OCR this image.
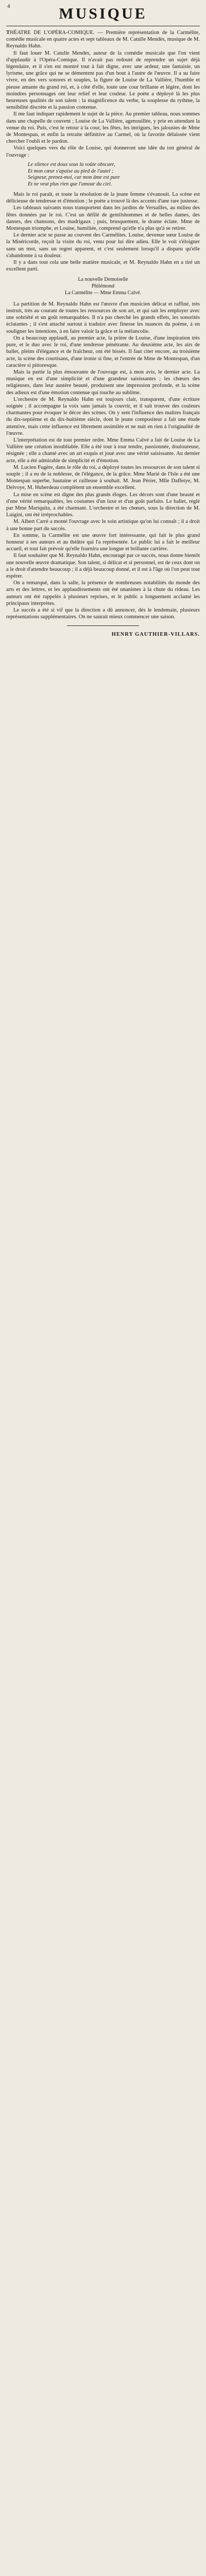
4	MUSIQUE

THÉATRE DE L'OPÉRA-COMIQUE. — Première représentation de la Carmélite, comédie musicale en quatre actes et sept tableaux de M. Catulle Mendès, musique de M. Reynaldo Hahn.

Il faut louer M. Catulle Mendès, auteur de la comédie musicale que l'on vient d'applaudir à l'Opéra-Comique. Il n'avait pas redouté de reprendre un sujet déjà légendaire, et il s'en est montré tout à fait digne, avec une ardeur, une fantaisie, un lyrisme, une grâce qui ne se démentent pas d'un bout à l'autre de l'œuvre. Il a su faire vivre, en des vers sonores et souples, la figure de Louise de La Vallière, l'humble et pieuse amante du grand roi, et, à côté d'elle, toute une cour brillante et légère, dont les moindres personnages ont leur relief et leur couleur. Le poète a déployé là les plus heureuses qualités de son talent : la magnificence du verbe, la souplesse du rythme, la sensibilité discrète et la passion contenue.

Il me faut indiquer rapidement le sujet de la pièce. Au premier tableau, nous sommes dans une chapelle de couvent ; Louise de La Vallière, agenouillée, y prie en attendant la venue du roi. Puis, c'est le retour à la cour, les fêtes, les intrigues, les jalousies de Mme de Montespan, et enfin la retraite définitive au Carmel, où la favorite délaissée vient chercher l'oubli et le pardon.

Voici quelques vers du rôle de Louise, qui donneront une idée du ton général de l'ouvrage :

Le silence est doux sous la voûte obscure,
Et mon cœur s'apaise au pied de l'autel ;
Seigneur, prenez-moi, car mon âme est pure
Et ne veut plus rien que l'amour du ciel.

Mais le roi paraît, et toute la résolution de la jeune femme s'évanouit. La scène est délicieuse de tendresse et d'émotion ; le poète a trouvé là des accents d'une rare justesse.

Les tableaux suivants nous transportent dans les jardins de Versailles, au milieu des fêtes données par le roi. C'est un défilé de gentilshommes et de belles dames, des danses, des chansons, des madrigaux ; puis, brusquement, le drame éclate. Mme de Montespan triomphe, et Louise, humiliée, comprend qu'elle n'a plus qu'à se retirer.

Le dernier acte se passe au couvent des Carmélites. Louise, devenue sœur Louise de la Miséricorde, reçoit la visite du roi, venu pour lui dire adieu. Elle le voit s'éloigner sans un mot, sans un regret apparent, et c'est seulement lorsqu'il a disparu qu'elle s'abandonne à sa douleur.

Il y a dans tout cela une belle matière musicale, et M. Reynaldo Hahn en a tiré un excellent parti.

La nouvelle Demoiselle
Philémond
La Carmélite — Mme Emma Calvé.

La partition de M. Reynaldo Hahn est l'œuvre d'un musicien délicat et raffiné, très instruit, très au courant de toutes les ressources de son art, et qui sait les employer avec une sobriété et un goût remarquables. Il n'a pas cherché les grands effets, les sonorités éclatantes ; il s'est attaché surtout à traduire avec finesse les nuances du poème, à en souligner les intentions, à en faire valoir la grâce et la mélancolie.

On a beaucoup applaudi, au premier acte, la prière de Louise, d'une inspiration très pure, et le duo avec le roi, d'une tendresse pénétrante. Au deuxième acte, les airs de ballet, pleins d'élégance et de fraîcheur, ont été bissés. Il faut citer encore, au troisième acte, la scène des courtisans, d'une ironie si fine, et l'entrée de Mme de Montespan, d'un caractère si pittoresque.

Mais la partie la plus émouvante de l'ouvrage est, à mon avis, le dernier acte. La musique en est d'une simplicité et d'une grandeur saisissantes ; les chœurs des religieuses, dans leur austère beauté, produisent une impression profonde, et la scène des adieux est d'une émotion contenue qui touche au sublime.

L'orchestre de M. Reynaldo Hahn est toujours clair, transparent, d'une écriture soignée ; il accompagne la voix sans jamais la couvrir, et il sait trouver des couleurs charmantes pour évoquer le décor des scènes. On y sent l'influence des maîtres français du dix-septième et du dix-huitième siècle, dont le jeune compositeur a fait une étude attentive, mais cette influence est librement assimilée et ne nuit en rien à l'originalité de l'œuvre.

L'interprétation est de tout premier ordre. Mme Emma Calvé a fait de Louise de La Vallière une création inoubliable. Elle a été tour à tour tendre, passionnée, douloureuse, résignée ; elle a chanté avec un art exquis et joué avec une vérité saisissante. Au dernier acte, elle a été admirable de simplicité et d'émotion.

M. Lucien Fugère, dans le rôle du roi, a déployé toutes les ressources de son talent si souple ; il a eu de la noblesse, de l'élégance, de la grâce. Mme Marié de l'Isle a été une Montespan superbe, hautaine et railleuse à souhait. M. Jean Périer, Mlle Daffetye, M. Delvoye, M. Huberdeau complètent un ensemble excellent.

La mise en scène est digne des plus grands éloges. Les décors sont d'une beauté et d'une vérité remarquables, les costumes d'un luxe et d'un goût parfaits. Le ballet, réglé par Mme Mariquita, a été charmant. L'orchestre et les chœurs, sous la direction de M. Luigini, ont été irréprochables.

M. Albert Carré a monté l'ouvrage avec le soin artistique qu'on lui connaît ; il a droit à une bonne part du succès.

En somme, la Carmélite est une œuvre fort intéressante, qui fait le plus grand honneur à ses auteurs et au théâtre qui l'a représentée. Le public lui a fait le meilleur accueil, et tout fait prévoir qu'elle fournira une longue et brillante carrière.

Il faut souhaiter que M. Reynaldo Hahn, encouragé par ce succès, nous donne bientôt une nouvelle œuvre dramatique. Son talent, si délicat et si personnel, est de ceux dont on a le droit d'attendre beaucoup ; il a déjà beaucoup donné, et il est à l'âge où l'on peut tout espérer.

On a remarqué, dans la salle, la présence de nombreuses notabilités du monde des arts et des lettres, et les applaudissements ont été unanimes à la chute du rideau. Les auteurs ont été rappelés à plusieurs reprises, et le public a longuement acclamé les principaux interprètes.

Le succès a été si vif que la direction a dû annoncer, dès le lendemain, plusieurs représentations supplémentaires. On ne saurait mieux commencer une saison.

HENRY GAUTHIER-VILLARS.
